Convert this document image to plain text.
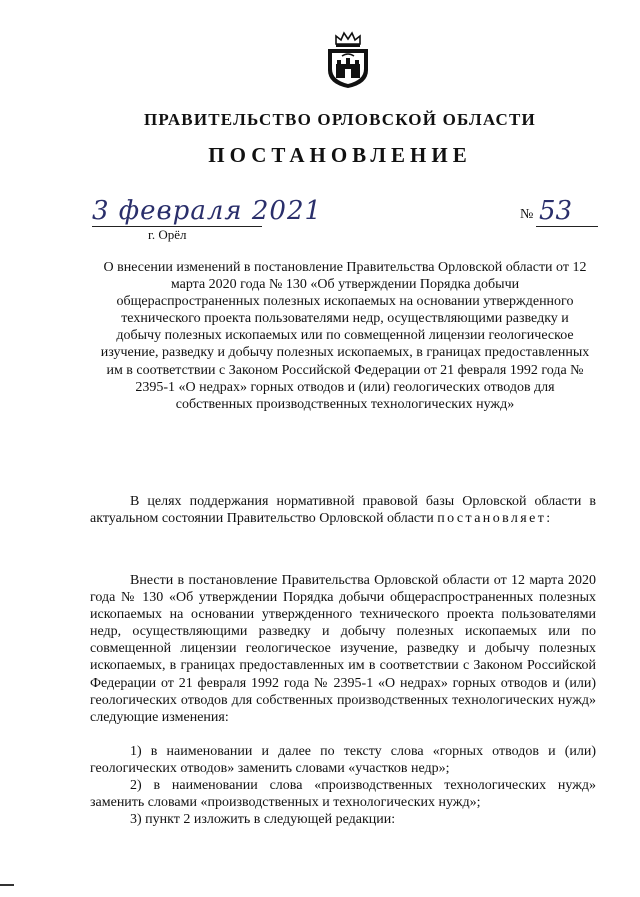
ПРАВИТЕЛЬСТВО ОРЛОВСКОЙ ОБЛАСТИ
ПОСТАНОВЛЕНИЕ
3 февраля 2021
г. Орёл
№ 53
О внесении изменений в постановление Правительства Орловской области от 12 марта 2020 года № 130 «Об утверждении Порядка добычи общераспространенных полезных ископаемых на основании утвержденного технического проекта пользователями недр, осуществляющими разведку и добычу полезных ископаемых или по совмещенной лицензии геологическое изучение, разведку и добычу полезных ископаемых, в границах предоставленных им в соответствии с Законом Российской Федерации от 21 февраля 1992 года № 2395-1 «О недрах» горных отводов и (или) геологических отводов для собственных производственных технологических нужд»
В целях поддержания нормативной правовой базы Орловской области в актуальном состоянии Правительство Орловской области постановляет:
Внести в постановление Правительства Орловской области от 12 марта 2020 года № 130 «Об утверждении Порядка добычи общераспространенных полезных ископаемых на основании утвержденного технического проекта пользователями недр, осуществляющими разведку и добычу полезных ископаемых или по совмещенной лицензии геологическое изучение, разведку и добычу полезных ископаемых, в границах предоставленных им в соответствии с Законом Российской Федерации от 21 февраля 1992 года № 2395-1 «О недрах» горных отводов и (или) геологических отводов для собственных производственных технологических нужд» следующие изменения:
1) в наименовании и далее по тексту слова «горных отводов и (или) геологических отводов» заменить словами «участков недр»;
2) в наименовании слова «производственных технологических нужд» заменить словами «производственных и технологических нужд»;
3) пункт 2 изложить в следующей редакции:
